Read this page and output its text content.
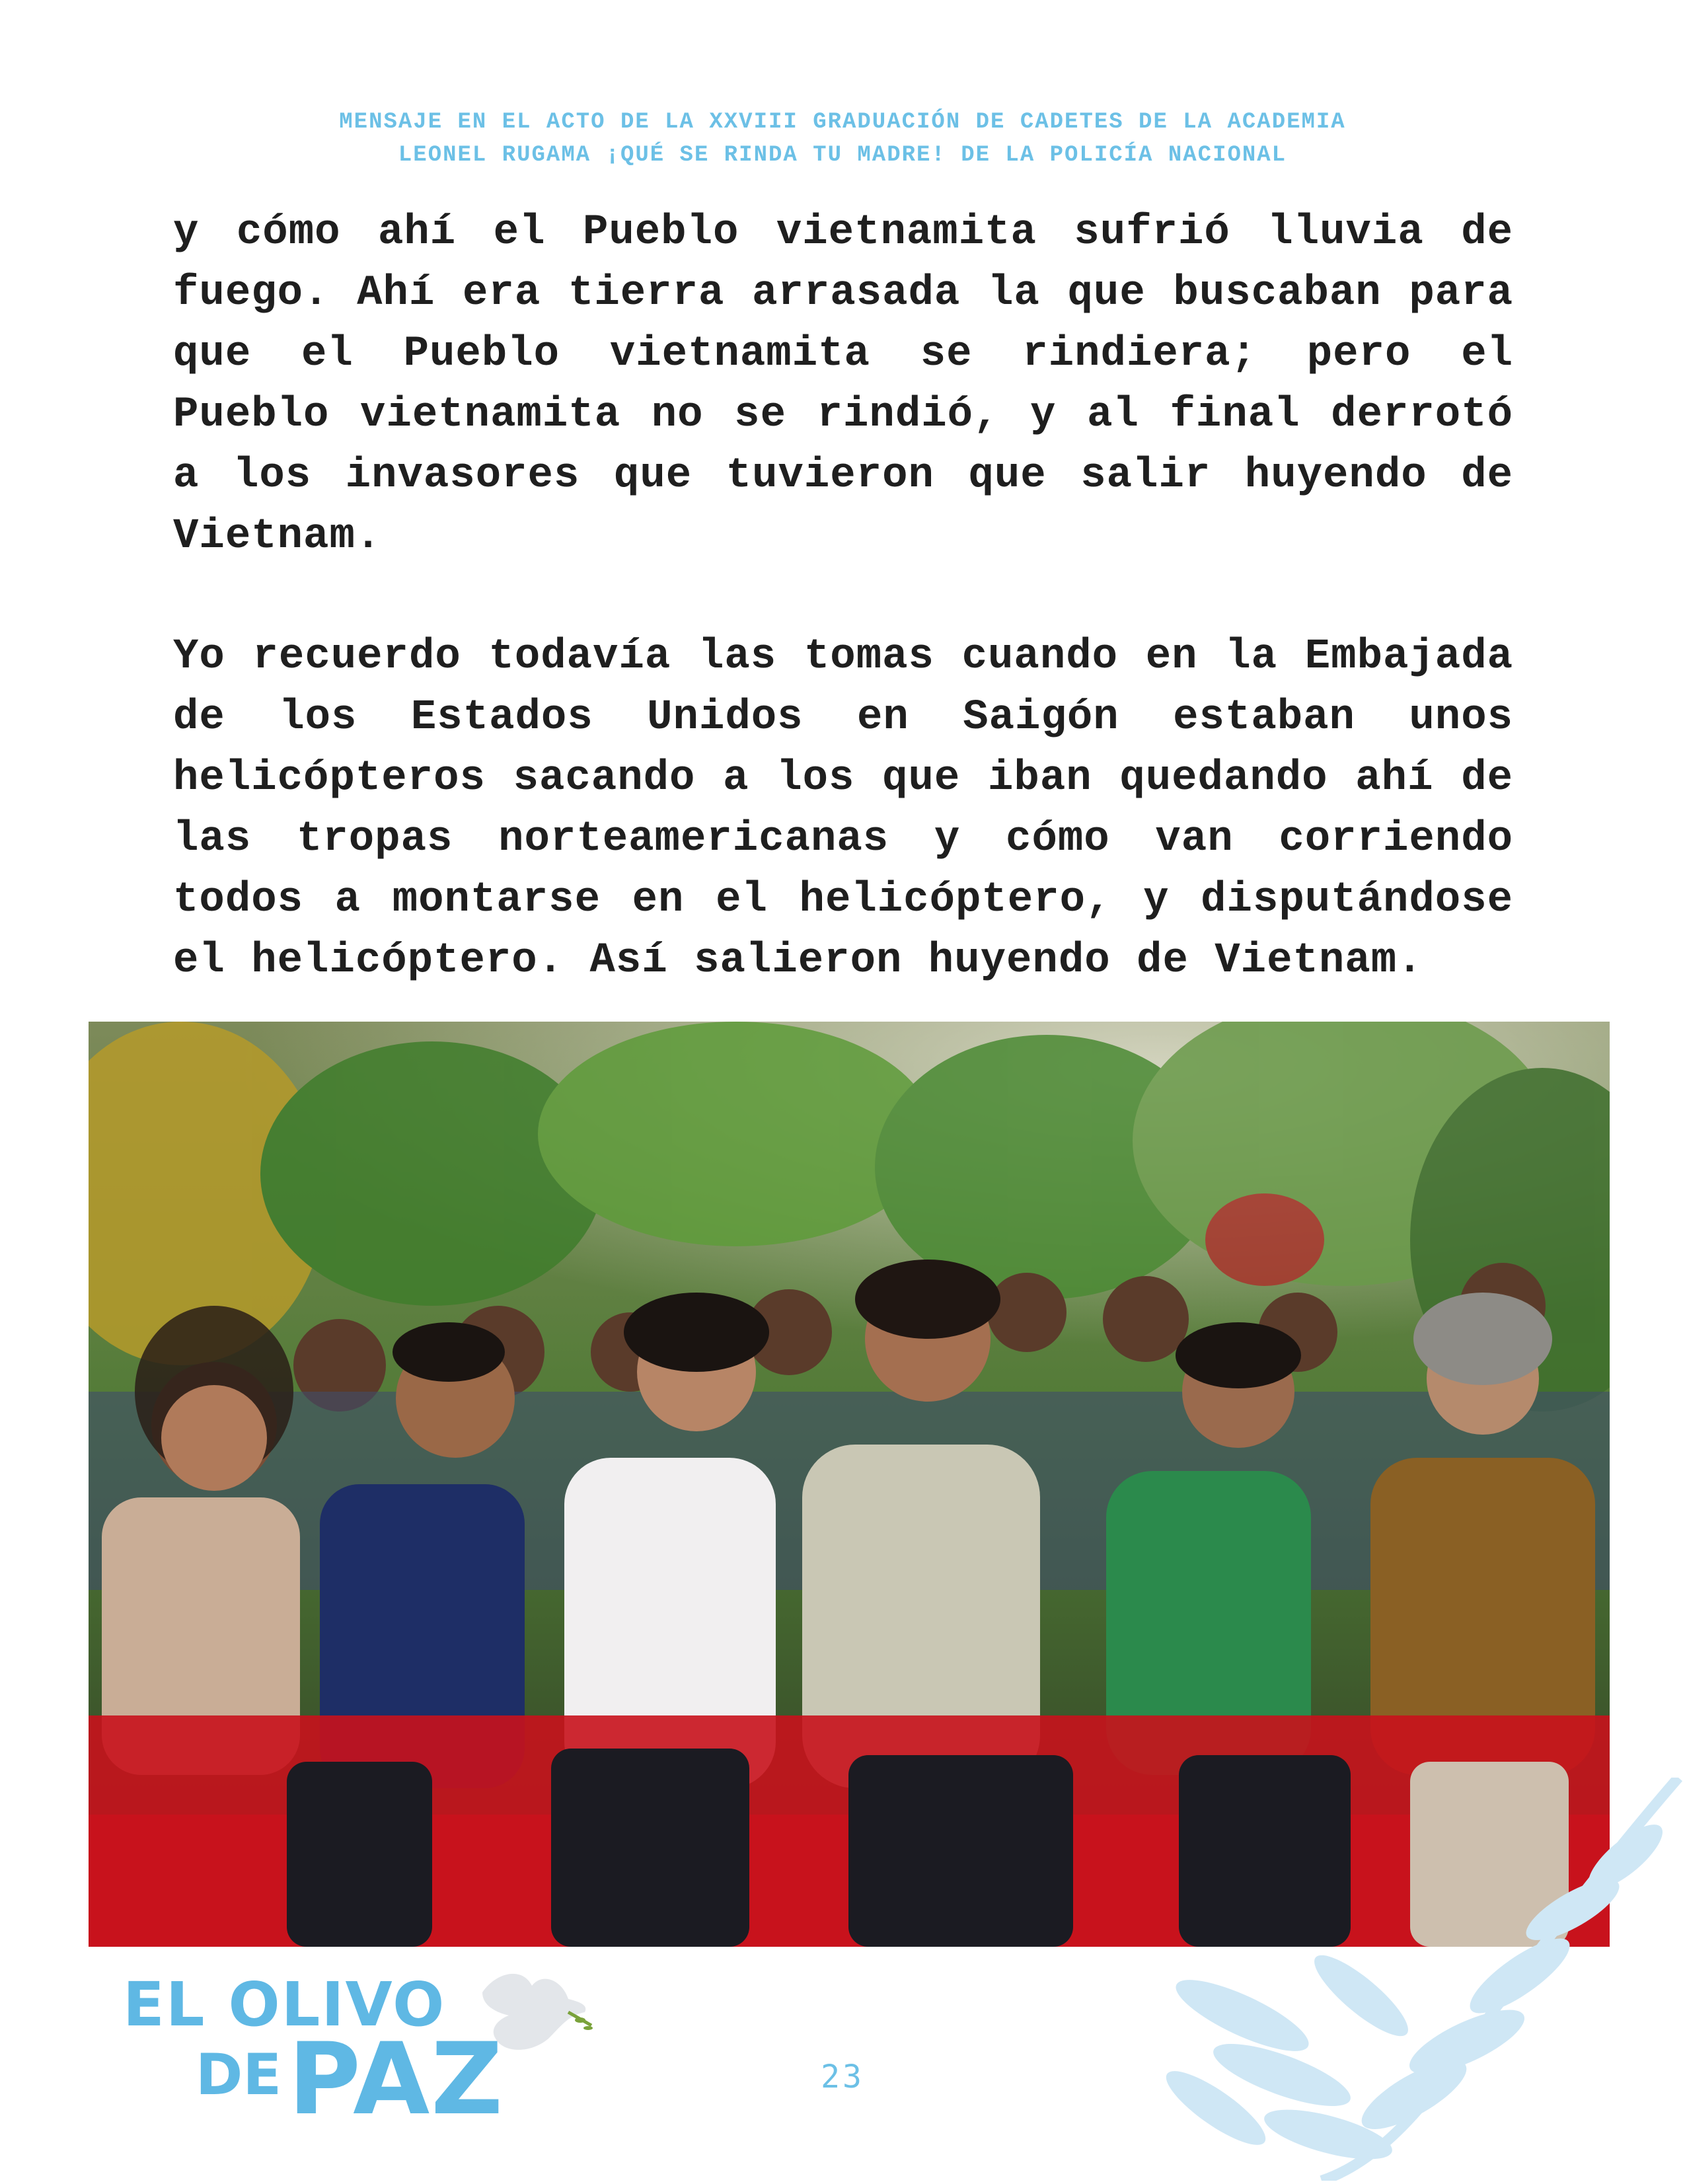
MENSAJE EN EL ACTO DE LA XXVIII GRADUACIÓN DE CADETES DE LA ACADEMIA
LEONEL RUGAMA ¡QUÉ SE RINDA TU MADRE! DE LA POLICÍA NACIONAL

y cómo ahí el Pueblo vietnamita sufrió lluvia de fuego. Ahí era tierra arrasada la que buscaban para que el Pueblo vietnamita se rindiera; pero el Pueblo vietnamita no se rindió, y al final derrotó a los invasores que tuvieron que salir huyendo de Vietnam.

Yo recuerdo todavía las tomas cuando en la Embajada de los Estados Unidos en Saigón estaban unos helicópteros sacando a los que iban quedando ahí de las tropas norteamericanas y cómo van corriendo todos a montarse en el helicóptero, y disputándose el helicóptero. Así salieron huyendo de Vietnam.

EL OLIVO
DE PAZ	23
